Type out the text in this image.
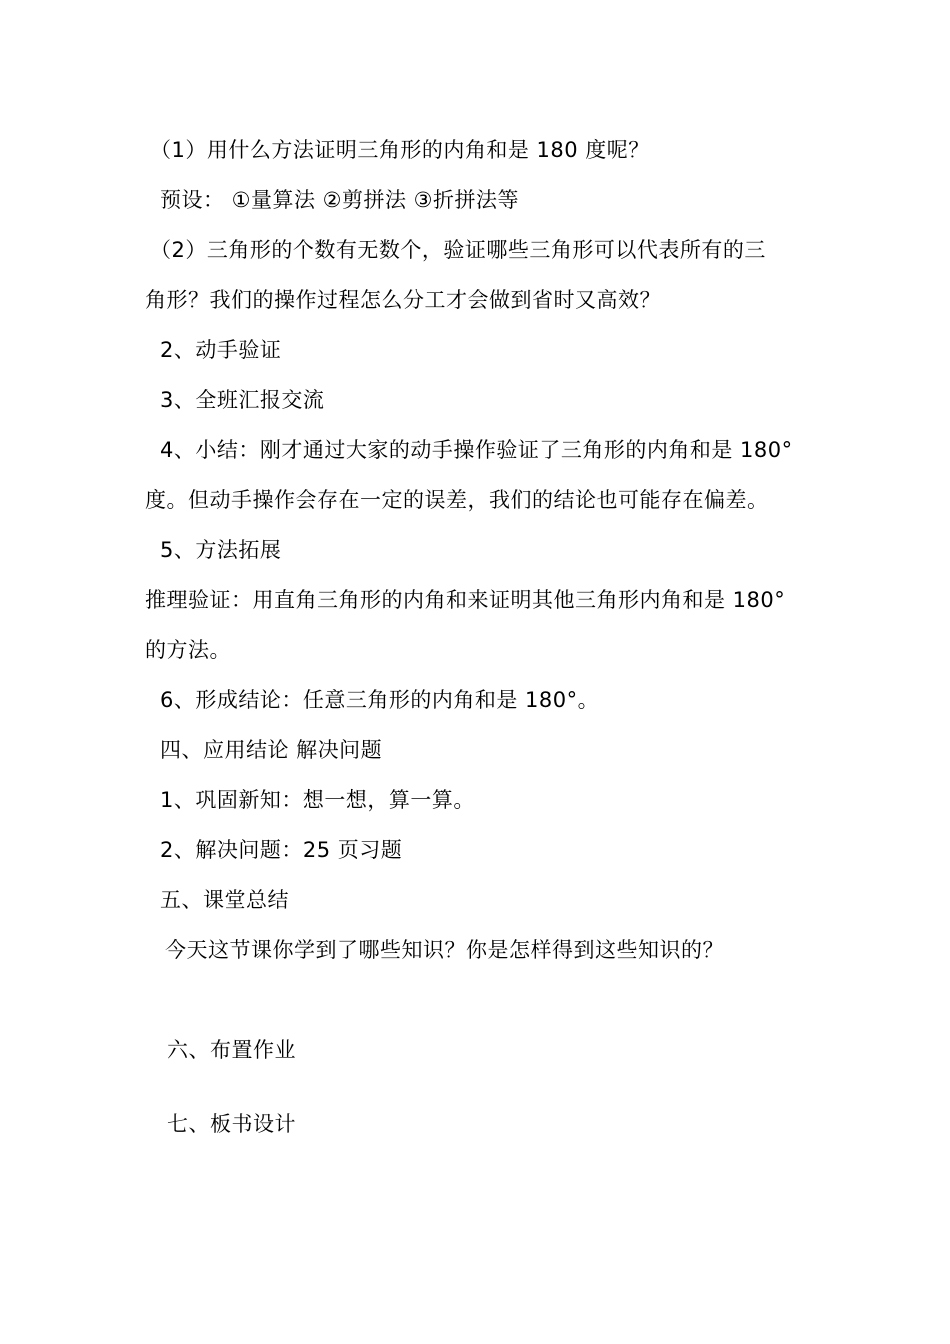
（1）用什么方法证明三角形的内角和是 180 度呢？
预设： ①量算法 ②剪拼法 ③折拼法等
（2）三角形的个数有无数个，验证哪些三角形可以代表所有的三
角形？我们的操作过程怎么分工才会做到省时又高效？
2、动手验证
3、全班汇报交流
4、小结：刚才通过大家的动手操作验证了三角形的内角和是 180°
度。但动手操作会存在一定的误差，我们的结论也可能存在偏差。
5、方法拓展
推理验证：用直角三角形的内角和来证明其他三角形内角和是 180°
的方法。
6、形成结论：任意三角形的内角和是 180°。
四、应用结论 解决问题
1、巩固新知：想一想，算一算。
2、解决问题：25 页习题
五、课堂总结
今天这节课你学到了哪些知识？你是怎样得到这些知识的？
六、布置作业
七、板书设计
